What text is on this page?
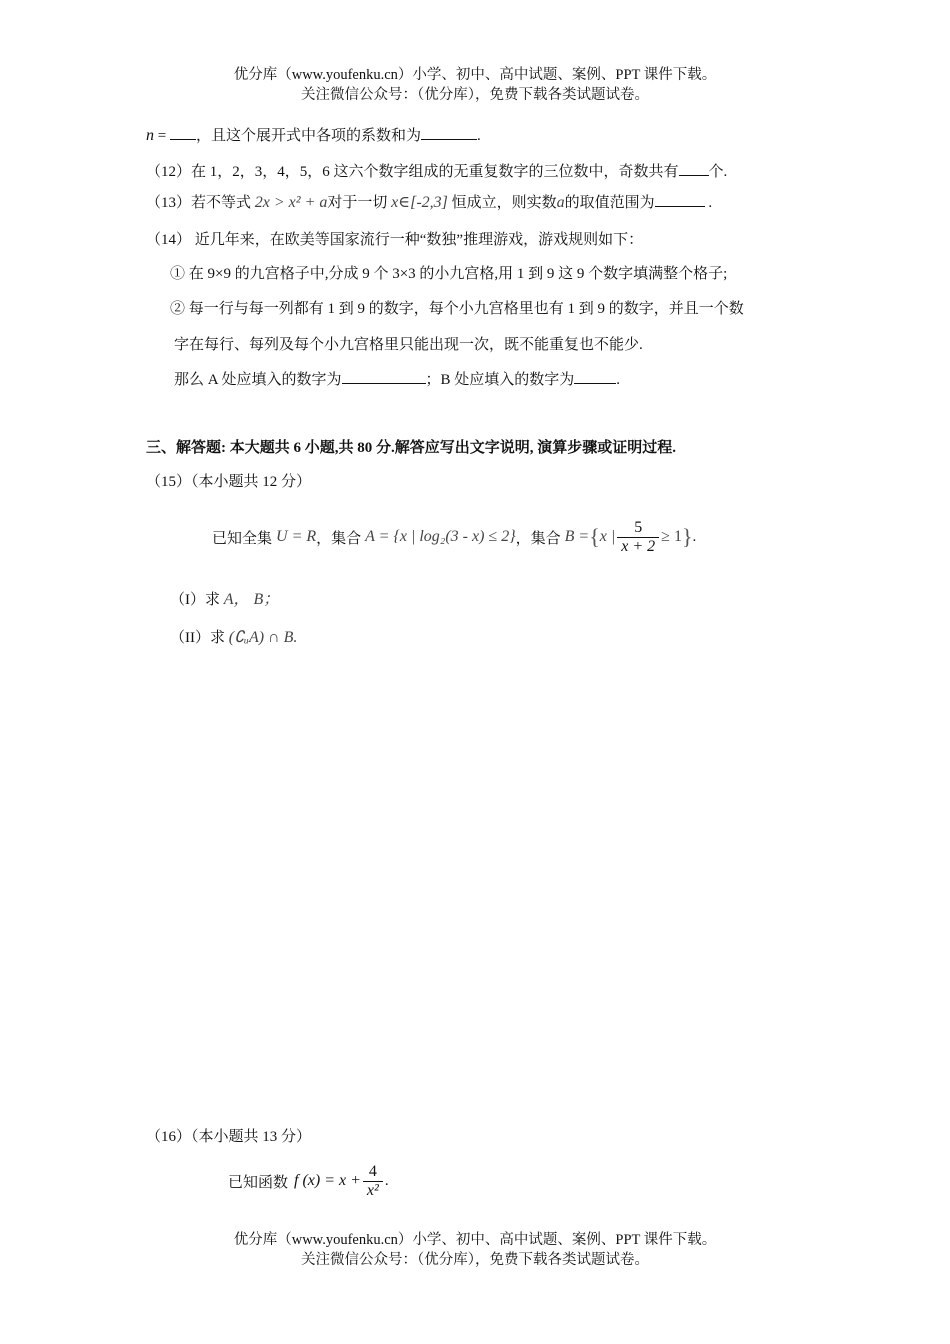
优分库（www.youfenku.cn）小学、初中、高中试题、案例、PPT 课件下载。
关注微信公众号：（优分库），免费下载各类试题试卷。
n = ，且这个展开式中各项的系数和为	.
（12）在 1，2，3，4，5，6 这六个数字组成的无重复数字的三位数中，奇数共有 个.
（13）若不等式 2x > x² + a对于一切 x∈[-2,3] 恒成立，则实数a的取值范围为	.
（14） 近几年来，在欧美等国家流行一种“数独”推理游戏，游戏规则如下：
① 在 9×9 的九宫格子中,分成 9 个 3×3 的小九宫格,用 1 到 9 这 9 个数字填满整个格子;
② 每一行与每一列都有 1 到 9 的数字，每个小九宫格里也有 1 到 9 的数字，并且一个数
字在每行、每列及每个小九宫格里只能出现一次，既不能重复也不能少.
那么 A 处应填入的数字为	；B 处应填入的数字为	.
三、解答题: 本大题共 6 小题,共 80 分.解答应写出文字说明, 演算步骤或证明过程.
（15）（本小题共 12 分）
已知全集 U = R ，集合 A = {x | log₂(3 - x) ≤ 2} ，集合 B = { x | $\frac{5}{x + 2} \ge 1$ } .
（I）求 A， B；
（II）求 (∁ᵤA) ∩ B.
（16）（本小题共 13 分）
已知函数 f $(x) = x + \frac{4}{\text{x²}}$ .
优分库（www.youfenku.cn）小学、初中、高中试题、案例、PPT 课件下载。
关注微信公众号：（优分库），免费下载各类试题试卷。
